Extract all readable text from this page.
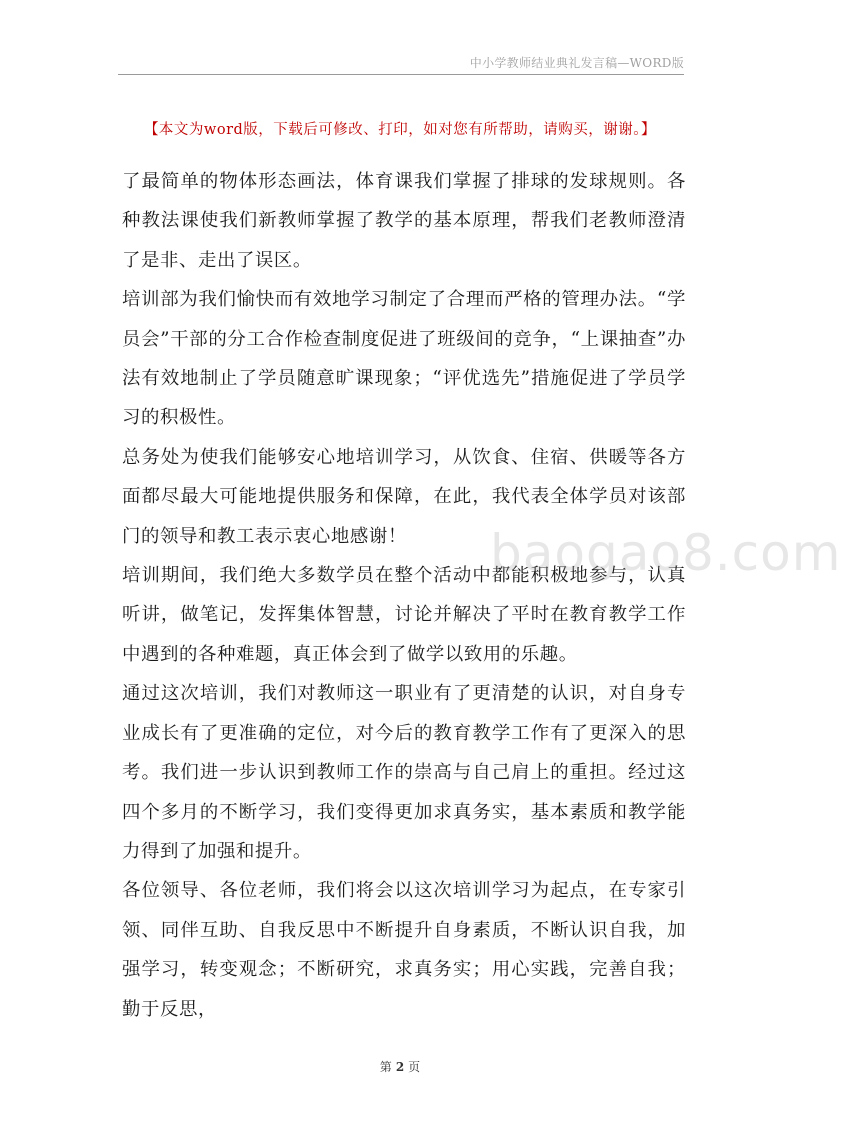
中小学教师结业典礼发言稿—WORD版
【本文为word版，下载后可修改、打印，如对您有所帮助，请购买，谢谢。】

了最简单的物体形态画法，体育课我们掌握了排球的发球规则。各种教法课使我们新教师掌握了教学的基本原理，帮我们老教师澄清了是非、走出了误区。

培训部为我们愉快而有效地学习制定了合理而严格的管理办法。“学员会”干部的分工合作检查制度促进了班级间的竞争，“上课抽查”办法有效地制止了学员随意旷课现象；“评优选先”措施促进了学员学习的积极性。

总务处为使我们能够安心地培训学习，从饮食、住宿、供暖等各方面都尽最大可能地提供服务和保障，在此，我代表全体学员对该部门的领导和教工表示衷心地感谢！

培训期间，我们绝大多数学员在整个活动中都能积极地参与，认真听讲，做笔记，发挥集体智慧，讨论并解决了平时在教育教学工作中遇到的各种难题，真正体会到了做学以致用的乐趣。

通过这次培训，我们对教师这一职业有了更清楚的认识，对自身专业成长有了更准确的定位，对今后的教育教学工作有了更深入的思考。我们进一步认识到教师工作的崇高与自己肩上的重担。经过这四个多月的不断学习，我们变得更加求真务实，基本素质和教学能力得到了加强和提升。

各位领导、各位老师，我们将会以这次培训学习为起点，在专家引领、同伴互助、自我反思中不断提升自身素质，不断认识自我，加强学习，转变观念；不断研究，求真务实；用心实践，完善自我；勤于反思，

baogao8.com
第 2 页
